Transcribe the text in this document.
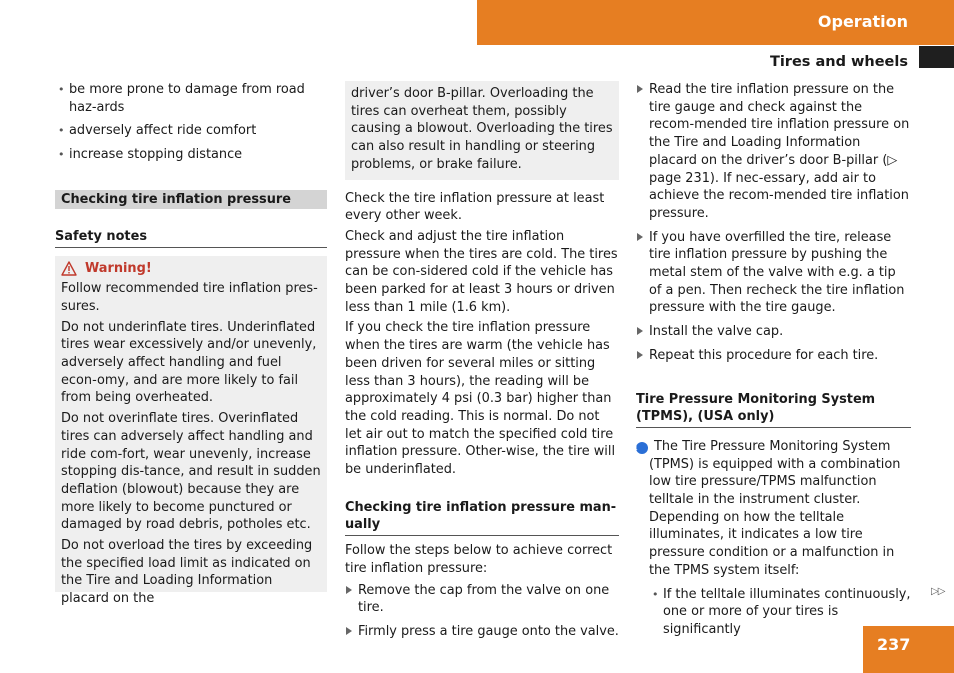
Operation
Tires and wheels
• be more prone to damage from road haz-ards
• adversely affect ride comfort
• increase stopping distance
Checking tire inflation pressure
Safety notes
Warning!

Follow recommended tire inflation pres-sures.

Do not underinflate tires. Underinflated tires wear excessively and/or unevenly, adversely affect handling and fuel econ-omy, and are more likely to fail from being overheated.

Do not overinflate tires. Overinflated tires can adversely affect handling and ride com-fort, wear unevenly, increase stopping dis-tance, and result in sudden deflation (blowout) because they are more likely to become punctured or damaged by road debris, potholes etc.

Do not overload the tires by exceeding the specified load limit as indicated on the Tire and Loading Information placard on the

driver’s door B-pillar. Overloading the tires can overheat them, possibly causing a blowout. Overloading the tires can also result in handling or steering problems, or brake failure.

Check the tire inflation pressure at least every other week.

Check and adjust the tire inflation pressure when the tires are cold. The tires can be con-sidered cold if the vehicle has been parked for at least 3 hours or driven less than 1 mile (1.6 km).

If you check the tire inflation pressure when the tires are warm (the vehicle has been driven for several miles or sitting less than 3 hours), the reading will be approximately 4 psi (0.3 bar) higher than the cold reading. This is normal. Do not let air out to match the specified cold tire inflation pressure. Other-wise, the tire will be underinflated.

Checking tire inflation pressure man-ually

Follow the steps below to achieve correct tire inflation pressure:

Remove the cap from the valve on one tire.
Firmly press a tire gauge onto the valve.
Read the tire inflation pressure on the tire gauge and check against the recom-mended tire inflation pressure on the Tire and Loading Information placard on the driver’s door B-pillar (▷ page 231). If nec-essary, add air to achieve the recom-mended tire inflation pressure.
If you have overfilled the tire, release tire inflation pressure by pushing the metal stem of the valve with e.g. a tip of a pen. Then recheck the tire inflation pressure with the tire gauge.
Install the valve cap.
Repeat this procedure for each tire.
Tire Pressure Monitoring System (TPMS), (USA only)

i The Tire Pressure Monitoring System (TPMS) is equipped with a combination low tire pressure/TPMS malfunction telltale in the instrument cluster. Depending on how the telltale illuminates, it indicates a low tire pressure condition or a malfunction in the TPMS system itself:

• If the telltale illuminates continuously, one or more of your tires is significantly
▷▷
237
